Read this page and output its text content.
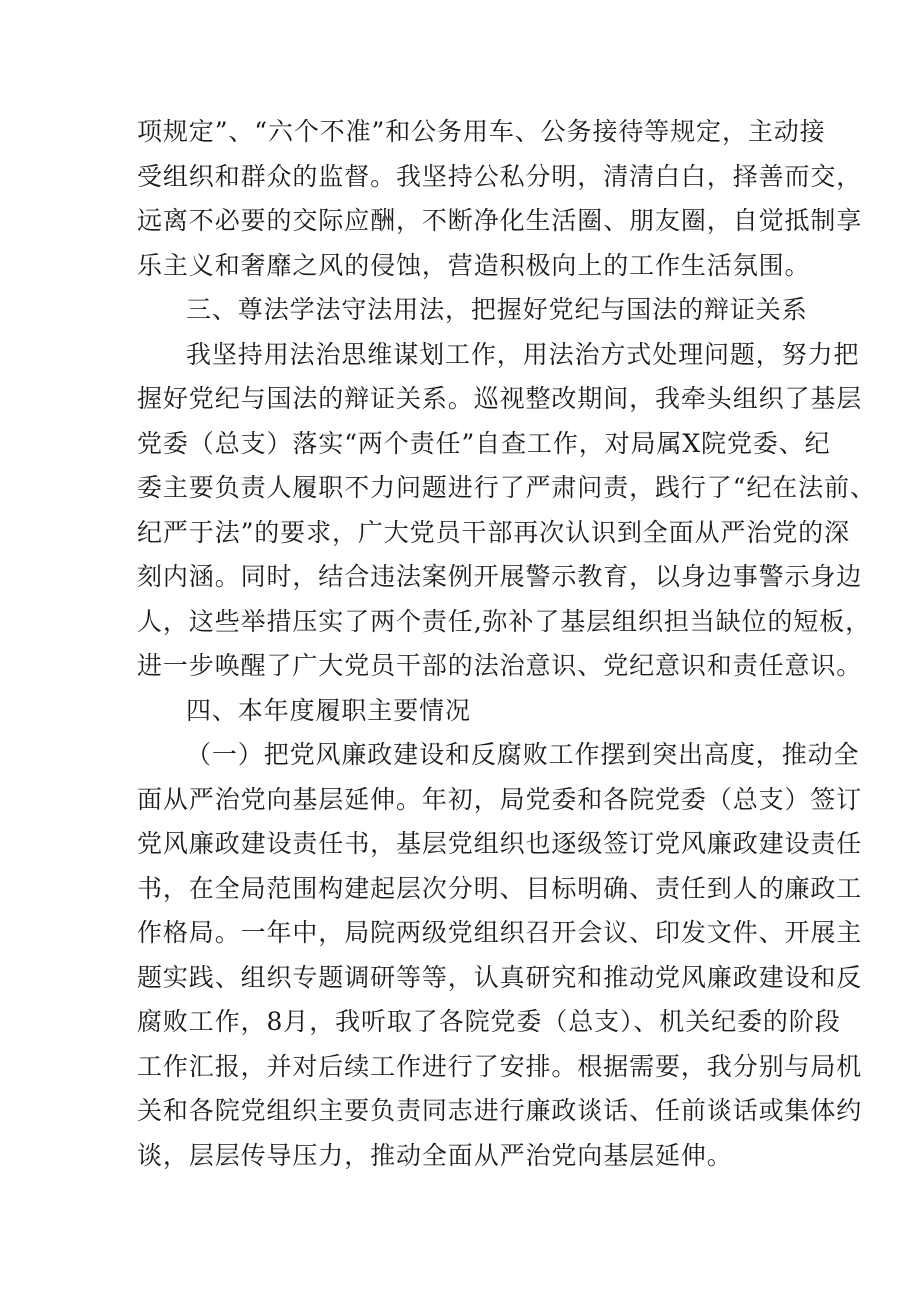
项规定”、“六个不准”和公务用车、公务接待等规定，主动接
受组织和群众的监督。我坚持公私分明，清清白白，择善而交，
远离不必要的交际应酬，不断净化生活圈、朋友圈，自觉抵制享
乐主义和奢靡之风的侵蚀，营造积极向上的工作生活氛围。
三、尊法学法守法用法，把握好党纪与国法的辩证关系
我坚持用法治思维谋划工作，用法治方式处理问题，努力把
握好党纪与国法的辩证关系。巡视整改期间，我牵头组织了基层
党委（总支）落实“两个责任”自查工作，对局属X院党委、纪
委主要负责人履职不力问题进行了严肃问责，践行了“纪在法前、
纪严于法”的要求，广大党员干部再次认识到全面从严治党的深
刻内涵。同时，结合违法案例开展警示教育，以身边事警示身边
人，这些举措压实了两个责任,弥补了基层组织担当缺位的短板，
进一步唤醒了广大党员干部的法治意识、党纪意识和责任意识。
四、本年度履职主要情况
（一）把党风廉政建设和反腐败工作摆到突出高度，推动全
面从严治党向基层延伸。年初，局党委和各院党委（总支）签订
党风廉政建设责任书，基层党组织也逐级签订党风廉政建设责任
书，在全局范围构建起层次分明、目标明确、责任到人的廉政工
作格局。一年中，局院两级党组织召开会议、印发文件、开展主
题实践、组织专题调研等等，认真研究和推动党风廉政建设和反
腐败工作，8月，我听取了各院党委（总支）、机关纪委的阶段
工作汇报，并对后续工作进行了安排。根据需要，我分别与局机
关和各院党组织主要负责同志进行廉政谈话、任前谈话或集体约
谈，层层传导压力，推动全面从严治党向基层延伸。
